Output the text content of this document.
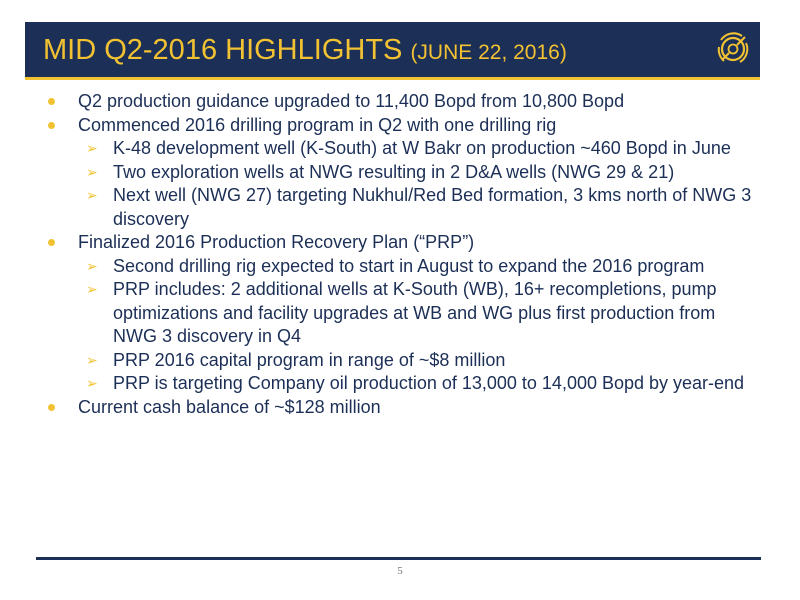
MID Q2-2016 HIGHLIGHTS (JUNE 22, 2016)
Q2 production guidance upgraded to 11,400 Bopd from 10,800 Bopd
Commenced 2016 drilling program in Q2 with one drilling rig
➢ K-48 development well (K-South) at W Bakr on production ~460 Bopd in June
➢ Two exploration wells at NWG resulting in 2 D&A wells (NWG 29 & 21)
➢ Next well (NWG 27) targeting Nukhul/Red Bed formation, 3 kms north of NWG 3 discovery
Finalized 2016 Production Recovery Plan (“PRP”)
➢ Second drilling rig expected to start in August to expand the 2016 program
➢ PRP includes: 2 additional wells at K-South (WB), 16+ recompletions, pump optimizations and facility upgrades at WB and WG plus first production from NWG 3 discovery in Q4
➢ PRP 2016 capital program in range of ~$8 million
➢ PRP is targeting Company oil production of 13,000 to 14,000 Bopd by year-end
Current cash balance of ~$128 million
5
